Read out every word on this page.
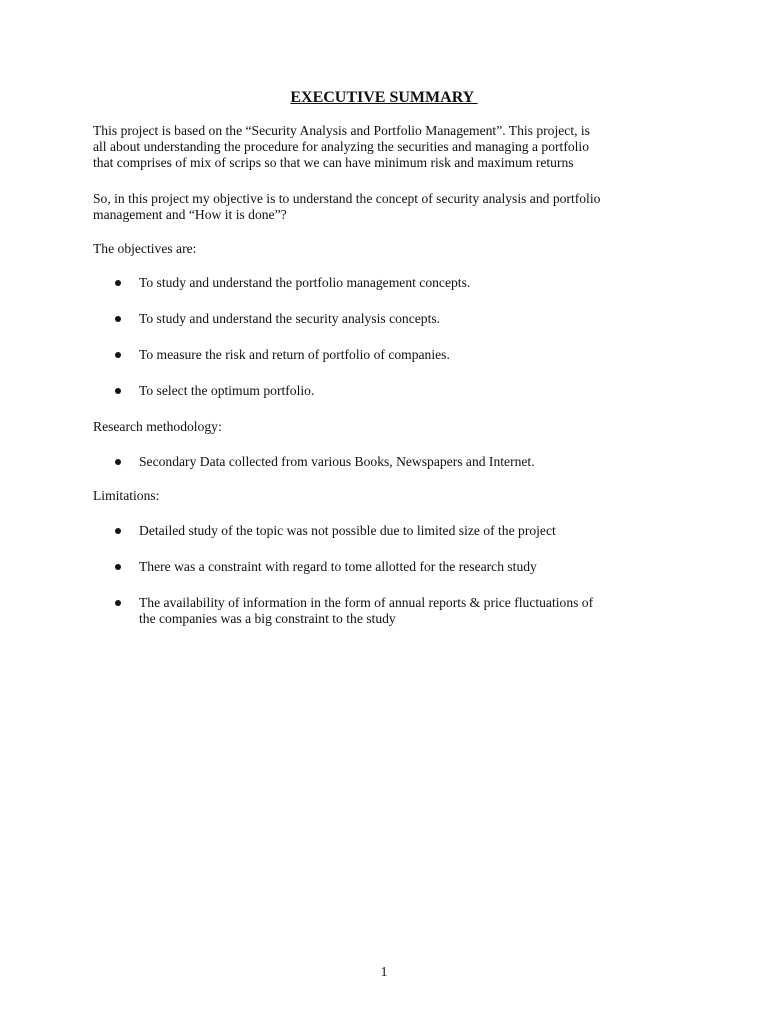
EXECUTIVE SUMMARY

This project is based on the “Security Analysis and Portfolio Management”. This project, is
all about understanding the procedure for analyzing the securities and managing a portfolio
that comprises of mix of scrips so that we can have minimum risk and maximum returns

So, in this project my objective is to understand the concept of security analysis and portfolio
management and “How it is done”?

The objectives are:

To study and understand the portfolio management concepts.
To study and understand the security analysis concepts.
To measure the risk and return of portfolio of companies.
To select the optimum portfolio.

Research methodology:

Secondary Data collected from various Books, Newspapers and Internet.

Limitations:

Detailed study of the topic was not possible due to limited size of the project
There was a constraint with regard to tome allotted for the research study
The availability of information in the form of annual reports & price fluctuations of
the companies was a big constraint to the study
1
